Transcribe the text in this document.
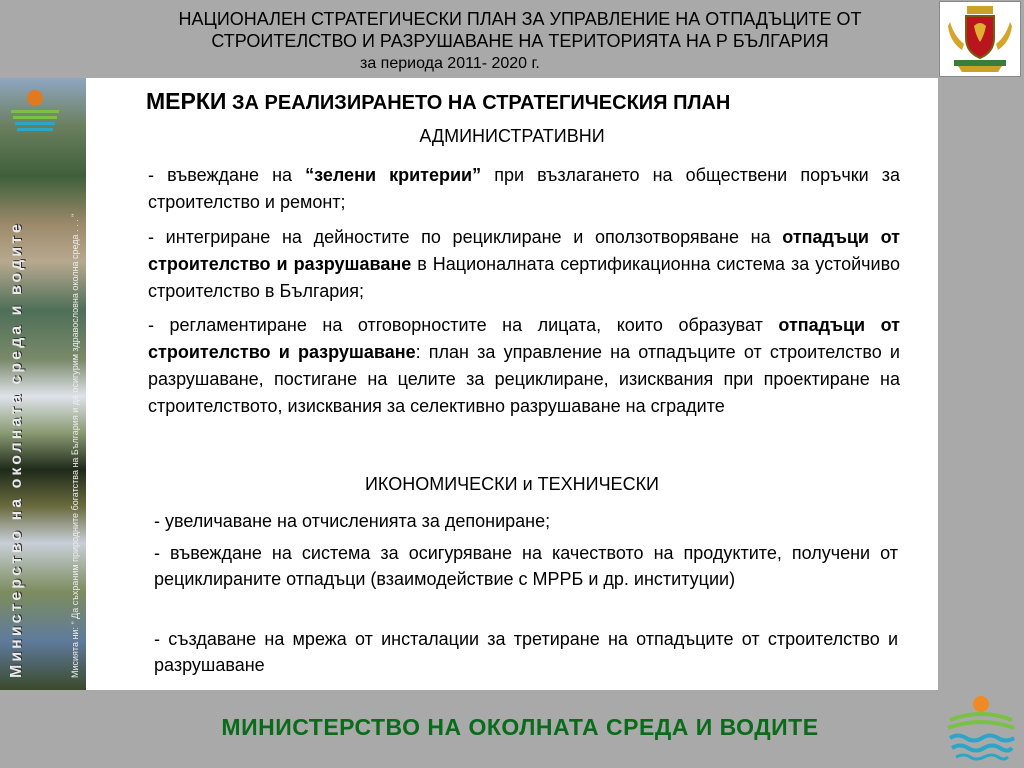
НАЦИОНАЛЕН СТРАТЕГИЧЕСКИ ПЛАН ЗА УПРАВЛЕНИЕ НА ОТПАДЪЦИТЕ ОТ
СТРОИТЕЛСТВО И РАЗРУШАВАНЕ НА ТЕРИТОРИЯТА НА Р БЪЛГАРИЯ
за периода 2011- 2020 г.
Министерство на околната среда и водите	Мисията ни: " Да съхраним природните богатства на България и да осигурим здравословна околна среда . . . "
МЕРКИ ЗА РЕАЛИЗИРАНЕТО НА СТРАТЕГИЧЕСКИЯ ПЛАН
АДМИНИСТРАТИВНИ
- въвеждане на “зелени критерии” при възлагането на обществени поръчки за строителство и ремонт;
- интегриране на дейностите по рециклиране и оползотворяване на отпадъци от строителство и разрушаване в Националната сертификационна система за устойчиво строителство в България;
- регламентиране на отговорностите на лицата, които образуват отпадъци от строителство и разрушаване: план за управление на отпадъците от строителство и разрушаване, постигане на целите за рециклиране, изисквания при проектиране на строителството, изисквания за селективно разрушаване на сградите
ИКОНОМИЧЕСКИ и ТЕХНИЧЕСКИ
- увеличаване на отчисленията за депониране;
- въвеждане на система за осигуряване на качеството на продуктите, получени от рециклираните отпадъци (взаимодействие с МРРБ и др. институции)
- създаване на мрежа от инсталации за третиране на отпадъците от строителство и разрушаване
МИНИСТЕРСТВО НА ОКОЛНАТА СРЕДА И ВОДИТЕ
